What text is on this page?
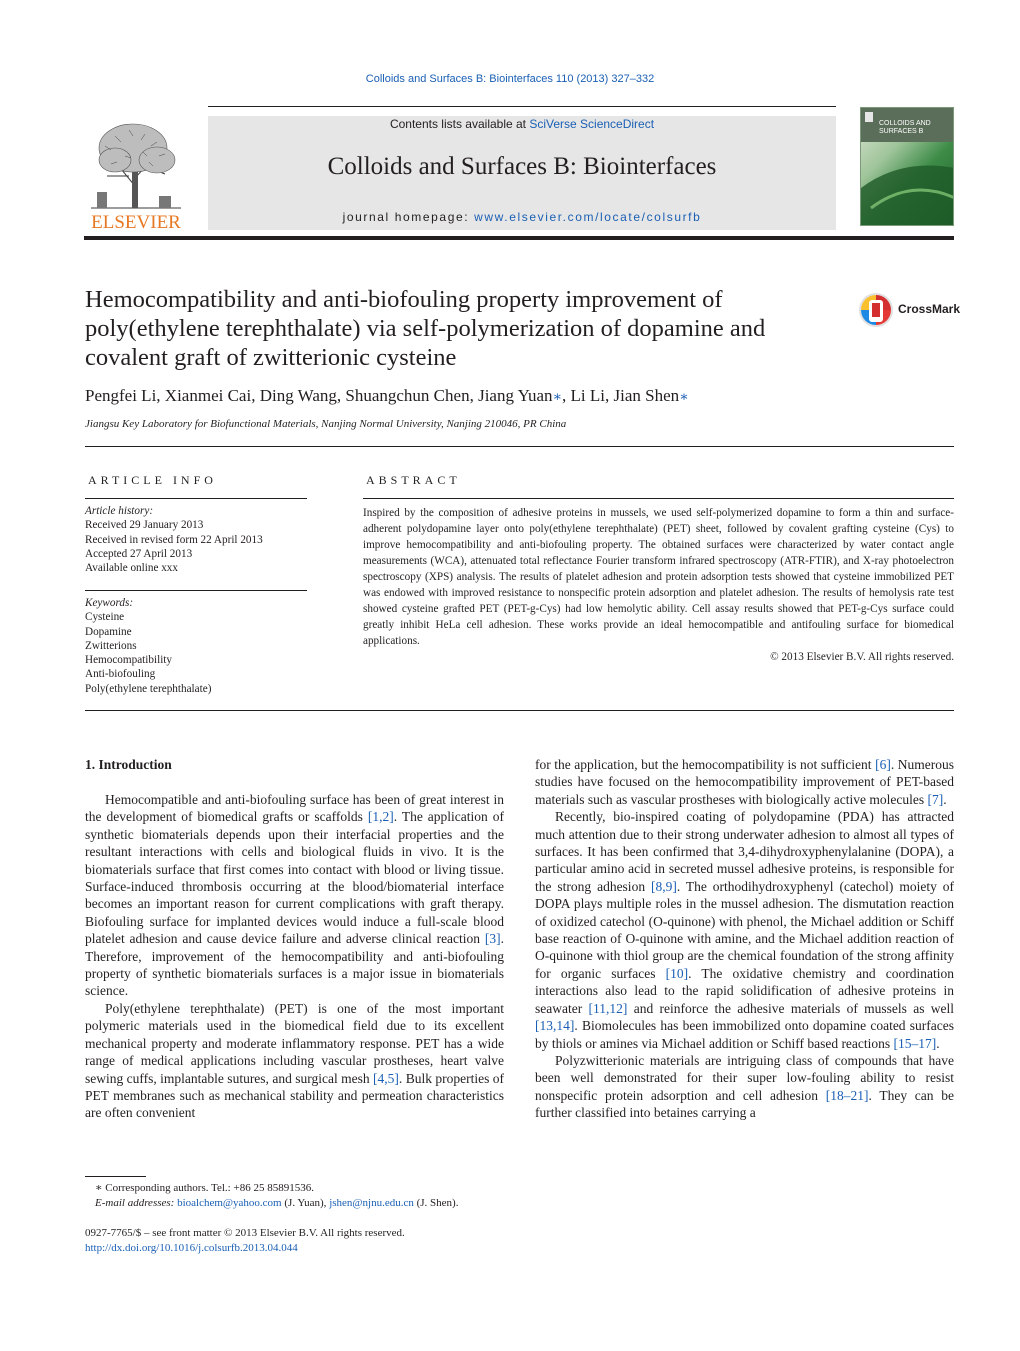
Colloids and Surfaces B: Biointerfaces 110 (2013) 327–332
ELSEVIER
Contents lists available at SciVerse ScienceDirect
Colloids and Surfaces B: Biointerfaces
journal homepage: www.elsevier.com/locate/colsurfb
COLLOIDS AND SURFACES B
Hemocompatibility and anti-biofouling property improvement of poly(ethylene terephthalate) via self-polymerization of dopamine and covalent graft of zwitterionic cysteine
CrossMark
Pengfei Li, Xianmei Cai, Ding Wang, Shuangchun Chen, Jiang Yuan∗, Li Li, Jian Shen∗
Jiangsu Key Laboratory for Biofunctional Materials, Nanjing Normal University, Nanjing 210046, PR China
ARTICLE INFO
Article history:
Received 29 January 2013
Received in revised form 22 April 2013
Accepted 27 April 2013
Available online xxx
Keywords:
Cysteine
Dopamine
Zwitterions
Hemocompatibility
Anti-biofouling
Poly(ethylene terephthalate)
ABSTRACT
Inspired by the composition of adhesive proteins in mussels, we used self-polymerized dopamine to form a thin and surface-adherent polydopamine layer onto poly(ethylene terephthalate) (PET) sheet, followed by covalent grafting cysteine (Cys) to improve hemocompatibility and anti-biofouling property. The obtained surfaces were characterized by water contact angle measurements (WCA), attenuated total reflectance Fourier transform infrared spectroscopy (ATR-FTIR), and X-ray photoelectron spectroscopy (XPS) analysis. The results of platelet adhesion and protein adsorption tests showed that cysteine immobilized PET was endowed with improved resistance to nonspecific protein adsorption and platelet adhesion. The results of hemolysis rate test showed cysteine grafted PET (PET-g-Cys) had low hemolytic ability. Cell assay results showed that PET-g-Cys surface could greatly inhibit HeLa cell adhesion. These works provide an ideal hemocompatible and antifouling surface for biomedical applications.
© 2013 Elsevier B.V. All rights reserved.
1. Introduction

Hemocompatible and anti-biofouling surface has been of great interest in the development of biomedical grafts or scaffolds [1,2]. The application of synthetic biomaterials depends upon their interfacial properties and the resultant interactions with cells and biological fluids in vivo. It is the biomaterials surface that first comes into contact with blood or living tissue. Surface-induced thrombosis occurring at the blood/biomaterial interface becomes an important reason for current complications with graft therapy. Biofouling surface for implanted devices would induce a full-scale blood platelet adhesion and cause device failure and adverse clinical reaction [3]. Therefore, improvement of the hemocompatibility and anti-biofouling property of synthetic biomaterials surfaces is a major issue in biomaterials science.

Poly(ethylene terephthalate) (PET) is one of the most important polymeric materials used in the biomedical field due to its excellent mechanical property and moderate inflammatory response. PET has a wide range of medical applications including vascular prostheses, heart valve sewing cuffs, implantable sutures, and surgical mesh [4,5]. Bulk properties of PET membranes such as mechanical stability and permeation characteristics are often convenient

for the application, but the hemocompatibility is not sufficient [6]. Numerous studies have focused on the hemocompatibility improvement of PET-based materials such as vascular prostheses with biologically active molecules [7].

Recently, bio-inspired coating of polydopamine (PDA) has attracted much attention due to their strong underwater adhesion to almost all types of surfaces. It has been confirmed that 3,4-dihydroxyphenylalanine (DOPA), a particular amino acid in secreted mussel adhesive proteins, is responsible for the strong adhesion [8,9]. The orthodihydroxyphenyl (catechol) moiety of DOPA plays multiple roles in the mussel adhesion. The dismutation reaction of oxidized catechol (O-quinone) with phenol, the Michael addition or Schiff base reaction of O-quinone with amine, and the Michael addition reaction of O-quinone with thiol group are the chemical foundation of the strong affinity for organic surfaces [10]. The oxidative chemistry and coordination interactions also lead to the rapid solidification of adhesive proteins in seawater [11,12] and reinforce the adhesive materials of mussels as well [13,14]. Biomolecules has been immobilized onto dopamine coated surfaces by thiols or amines via Michael addition or Schiff based reactions [15–17].

Polyzwitterionic materials are intriguing class of compounds that have been well demonstrated for their super low-fouling ability to resist nonspecific protein adsorption and cell adhesion [18–21]. They can be further classified into betaines carrying a

∗ Corresponding authors. Tel.: +86 25 85891536.
E-mail addresses: bioalchem@yahoo.com (J. Yuan), jshen@njnu.edu.cn (J. Shen).
0927-7765/$ – see front matter © 2013 Elsevier B.V. All rights reserved.
http://dx.doi.org/10.1016/j.colsurfb.2013.04.044
